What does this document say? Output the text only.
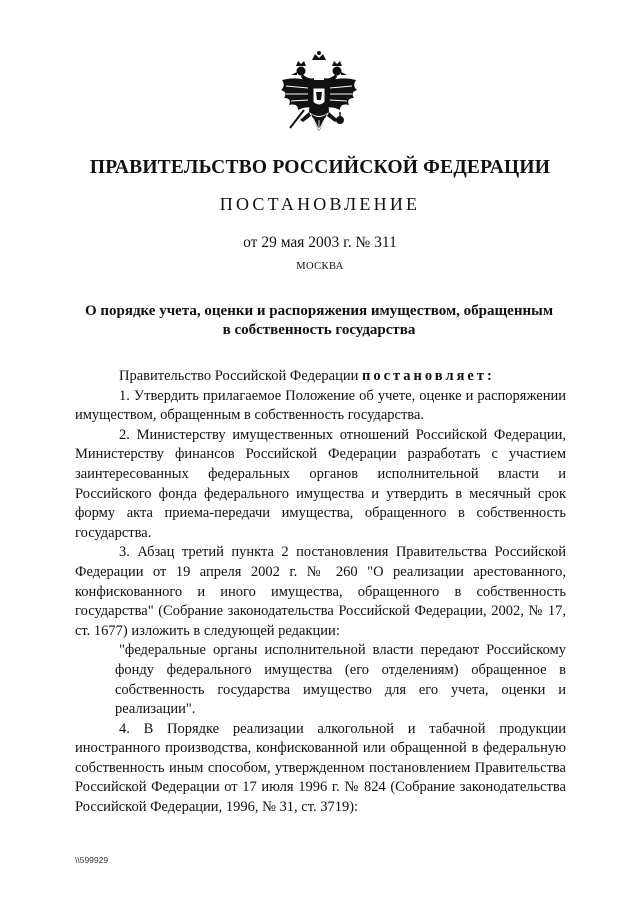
ПРАВИТЕЛЬСТВО РОССИЙСКОЙ ФЕДЕРАЦИИ
ПОСТАНОВЛЕНИЕ
от 29 мая 2003 г. № 311
МОСКВА
О порядке учета, оценки и распоряжения имуществом, обращенным в собственность государства

Правительство Российской Федерации постановляет:

1. Утвердить прилагаемое Положение об учете, оценке и распоряжении имуществом, обращенным в собственность государства.

2. Министерству имущественных отношений Российской Федерации, Министерству финансов Российской Федерации разработать с участием заинтересованных федеральных органов исполнительной власти и Российского фонда федерального имущества и утвердить в месячный срок форму акта приема-передачи имущества, обращенного в собственность государства.

3. Абзац третий пункта 2 постановления Правительства Российской Федерации от 19 апреля 2002 г. № 260 "О реализации арестованного, конфискованного и иного имущества, обращенного в собственность государства" (Собрание законодательства Российской Федерации, 2002, № 17, ст. 1677) изложить в следующей редакции:

"федеральные органы исполнительной власти передают Российскому фонду федерального имущества (его отделениям) обращенное в собственность государства имущество для его учета, оценки и реализации".

4. В Порядке реализации алкогольной и табачной продукции иностранного производства, конфискованной или обращенной в федеральную собственность иным способом, утвержденном постановлением Правительства Российской Федерации от 17 июля 1996 г. № 824 (Собрание законодательства Российской Федерации, 1996, № 31, ст. 3719):

\\599929
